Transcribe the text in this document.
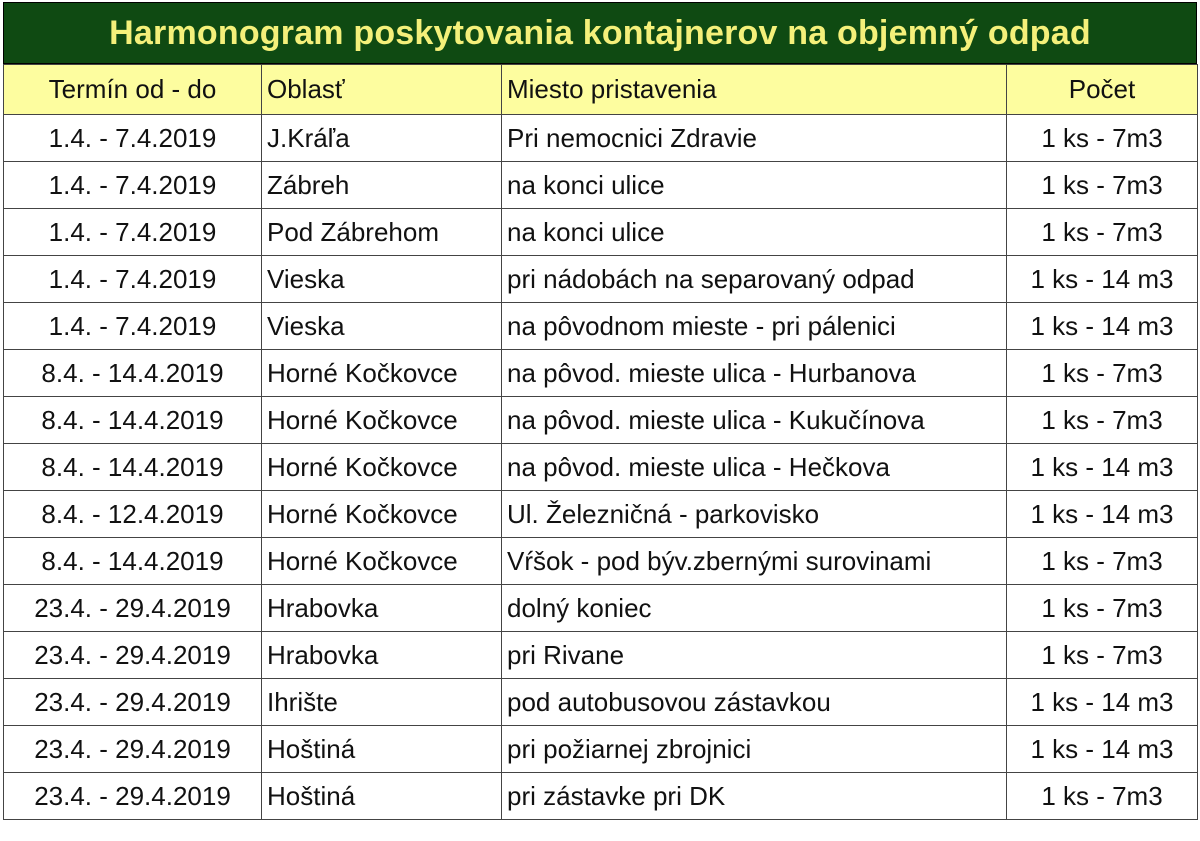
Harmonogram poskytovania kontajnerov na objemný odpad
Termín od - do	Oblasť	Miesto pristavenia	Počet
1.4. - 7.4.2019	J.Kráľa	Pri nemocnici Zdravie	1 ks - 7m3
1.4. - 7.4.2019	Zábreh	na konci ulice	1 ks - 7m3
1.4. - 7.4.2019	Pod Zábrehom	na konci ulice	1 ks - 7m3
1.4. - 7.4.2019	Vieska	pri nádobách na separovaný odpad	1 ks - 14 m3
1.4. - 7.4.2019	Vieska	na pôvodnom mieste - pri pálenici	1 ks - 14 m3
8.4. - 14.4.2019	Horné Kočkovce	na pôvod. mieste ulica - Hurbanova	1 ks - 7m3
8.4. - 14.4.2019	Horné Kočkovce	na pôvod. mieste ulica - Kukučínova	1 ks - 7m3
8.4. - 14.4.2019	Horné Kočkovce	na pôvod. mieste ulica - Hečkova	1 ks - 14 m3
8.4. - 12.4.2019	Horné Kočkovce	Ul. Železničná - parkovisko	1 ks - 14 m3
8.4. - 14.4.2019	Horné Kočkovce	Vŕšok - pod býv.zbernými surovinami	1 ks - 7m3
23.4. - 29.4.2019	Hrabovka	dolný koniec	1 ks - 7m3
23.4. - 29.4.2019	Hrabovka	pri Rivane	1 ks - 7m3
23.4. - 29.4.2019	Ihrište	pod autobusovou zástavkou	1 ks - 14 m3
23.4. - 29.4.2019	Hoštiná	pri požiarnej zbrojnici	1 ks - 14 m3
23.4. - 29.4.2019	Hoštiná	pri zástavke pri DK	1 ks - 7m3
